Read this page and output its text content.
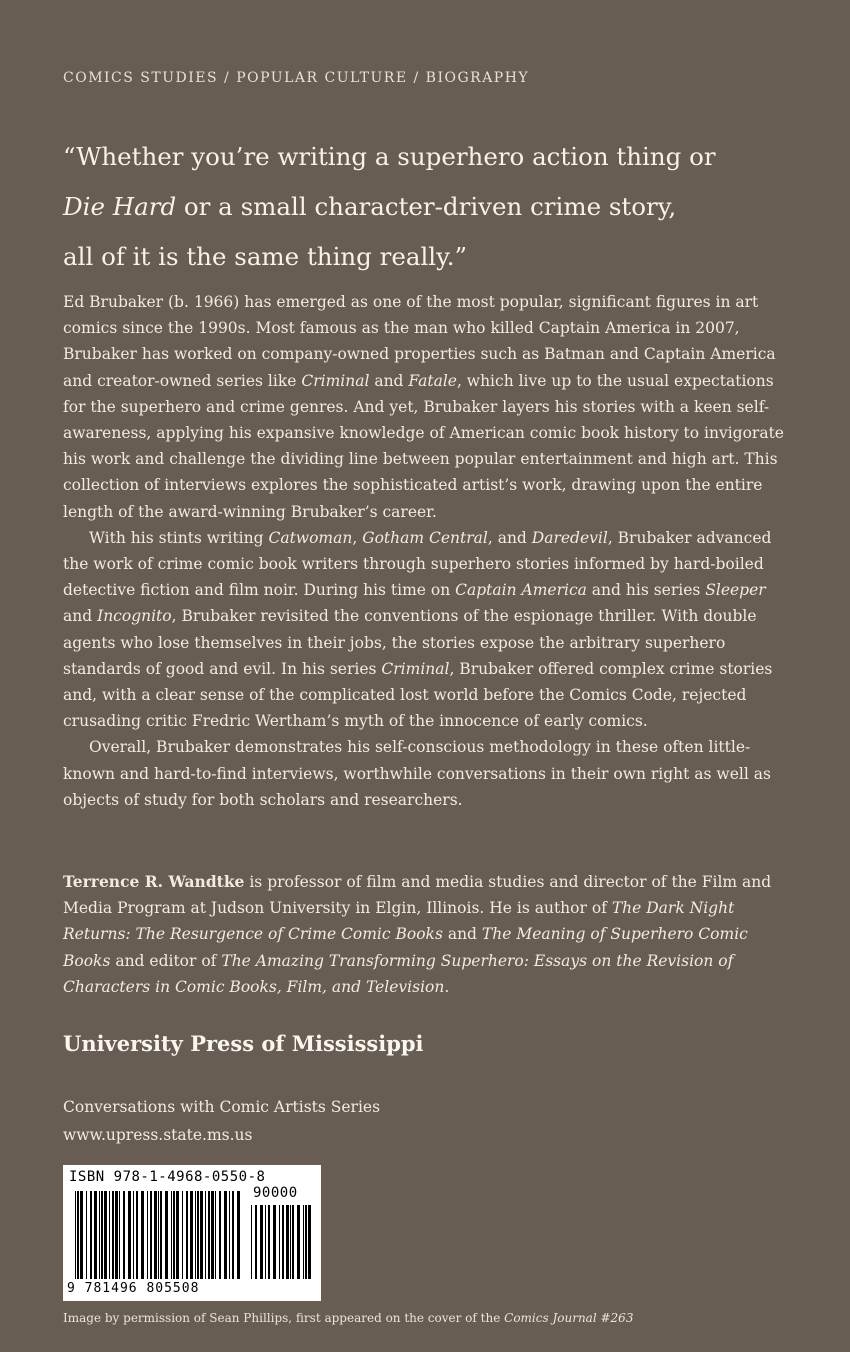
COMICS STUDIES / POPULAR CULTURE / BIOGRAPHY
“Whether you’re writing a superhero action thing or
Die Hard or a small character-driven crime story,
all of it is the same thing really.”

Ed Brubaker (b. 1966) has emerged as one of the most popular, significant figures in art comics since the 1990s. Most famous as the man who killed Captain America in 2007, Brubaker has worked on company-owned properties such as Batman and Captain America and creator-owned series like Criminal and Fatale, which live up to the usual expectations for the superhero and crime genres. And yet, Brubaker layers his stories with a keen self-awareness, applying his expansive knowledge of American comic book history to invigorate his work and challenge the dividing line between popular entertainment and high art. This collection of interviews explores the sophisticated artist’s work, drawing upon the entire length of the award-winning Brubaker’s career.

With his stints writing Catwoman, Gotham Central, and Daredevil, Brubaker advanced the work of crime comic book writers through superhero stories informed by hard-boiled detective fiction and film noir. During his time on Captain America and his series Sleeper and Incognito, Brubaker revisited the conventions of the espionage thriller. With double agents who lose themselves in their jobs, the stories expose the arbitrary superhero standards of good and evil. In his series Criminal, Brubaker offered complex crime stories and, with a clear sense of the complicated lost world before the Comics Code, rejected crusading critic Fredric Wertham’s myth of the innocence of early comics.

Overall, Brubaker demonstrates his self-conscious methodology in these often little-known and hard-to-find interviews, worthwhile conversations in their own right as well as objects of study for both scholars and researchers.

Terrence R. Wandtke is professor of film and media studies and director of the Film and Media Program at Judson University in Elgin, Illinois. He is author of The Dark Night Returns: The Resurgence of Crime Comic Books and The Meaning of Superhero Comic Books and editor of The Amazing Transforming Superhero: Essays on the Revision of Characters in Comic Books, Film, and Television.

University Press of Mississippi
Conversations with Comic Artists Series
www.upress.state.ms.us
ISBN 978-1-4968-0550-8
90000
9 781496 805508
Image by permission of Sean Phillips, first appeared on the cover of the Comics Journal #263
